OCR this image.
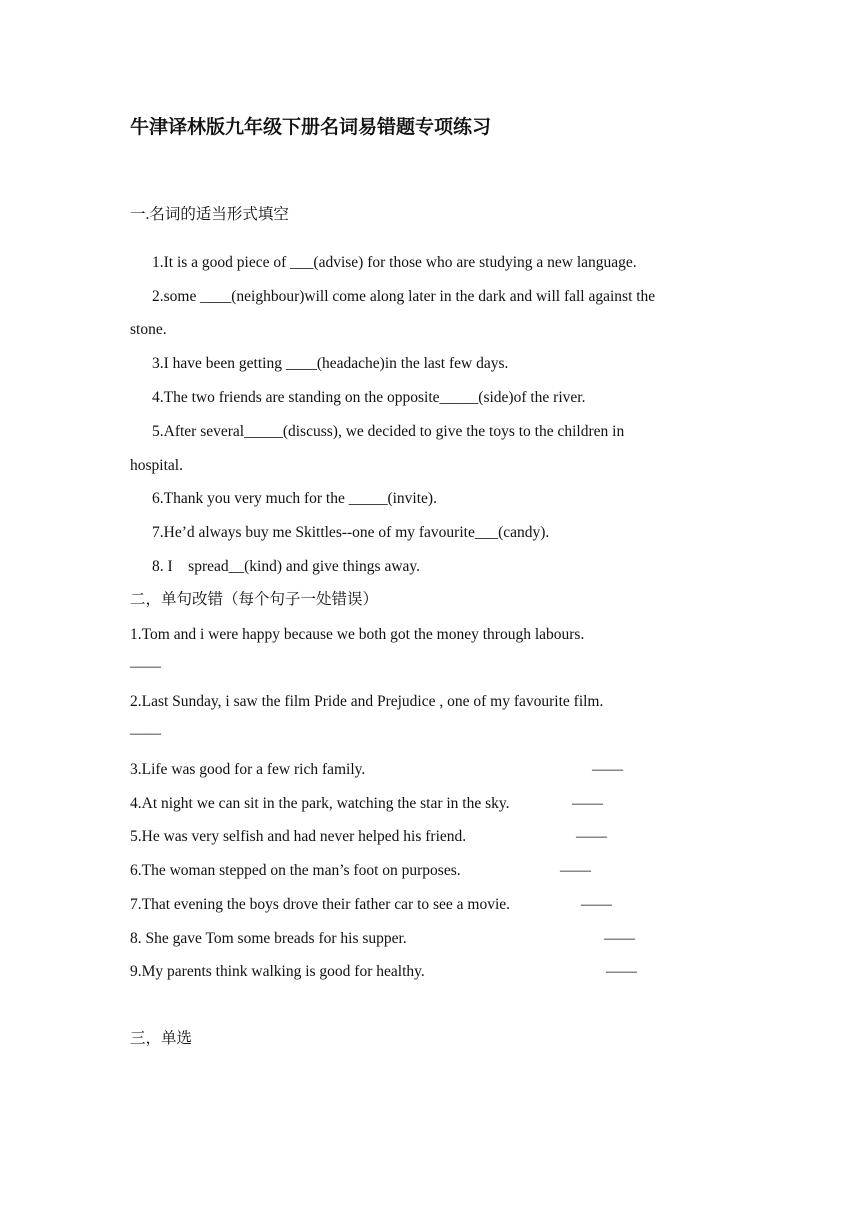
牛津译林版九年级下册名词易错题专项练习
一.名词的适当形式填空
1.It is a good piece of ___(advise) for those who are studying a new language.
2.some ____(neighbour)will come along later in the dark and will fall against the
stone.
3.I have been getting ____(headache)in the last few days.
4.The two friends are standing on the opposite_____(side)of the river.
5.After several_____(discuss), we decided to give the toys to the children in
hospital.
6.Thank you very much for the _____(invite).
7.He’d always buy me Skittles--one of my favourite___(candy).
8. I    spread__(kind) and give things away.
二，单句改错（每个句子一处错误）
1.Tom and i were happy because we both got the money through labours.
——
2.Last Sunday, i saw the film Pride and Prejudice , one of my favourite film.
——
3.Life was good for a few rich family.	——
4.At night we can sit in the park, watching the star in the sky.	——
5.He was very selfish and had never helped his friend.	——
6.The woman stepped on the man’s foot on purposes.	——
7.That evening the boys drove their father car to see a movie.	——
8. She gave Tom some breads for his supper.	——
9.My parents think walking is good for healthy.	——
三，单选
